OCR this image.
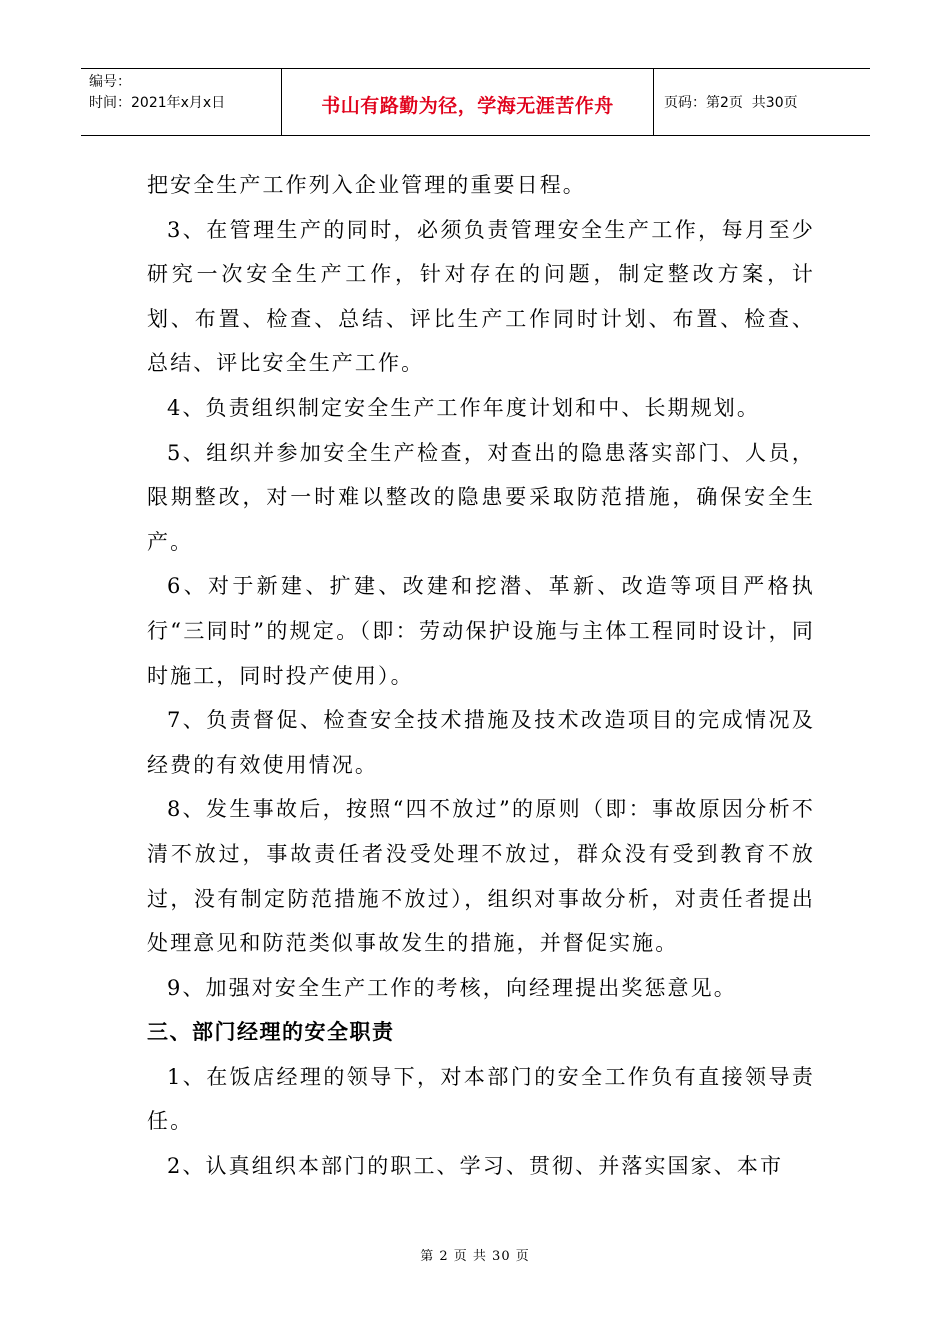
编号：
时间：2021年x月x日	书山有路勤为径，学海无涯苦作舟	页码：第2页  共30页

把安全生产工作列入企业管理的重要日程。

3、在管理生产的同时，必须负责管理安全生产工作，每月至少研究一次安全生产工作，针对存在的问题，制定整改方案，计划、布置、检查、总结、评比生产工作同时计划、布置、检查、总结、评比安全生产工作。

4、负责组织制定安全生产工作年度计划和中、长期规划。

5、组织并参加安全生产检查，对查出的隐患落实部门、人员，限期整改，对一时难以整改的隐患要采取防范措施，确保安全生产。

6、对于新建、扩建、改建和挖潜、革新、改造等项目严格执行“三同时”的规定。（即：劳动保护设施与主体工程同时设计，同时施工，同时投产使用）。

7、负责督促、检查安全技术措施及技术改造项目的完成情况及经费的有效使用情况。

8、发生事故后，按照“四不放过”的原则（即：事故原因分析不清不放过，事故责任者没受处理不放过，群众没有受到教育不放过，没有制定防范措施不放过），组织对事故分析，对责任者提出处理意见和防范类似事故发生的措施，并督促实施。

9、加强对安全生产工作的考核，向经理提出奖惩意见。

三、部门经理的安全职责

1、在饭店经理的领导下，对本部门的安全工作负有直接领导责任。

2、认真组织本部门的职工、学习、贯彻、并落实国家、本市

第 2 页 共 30 页
